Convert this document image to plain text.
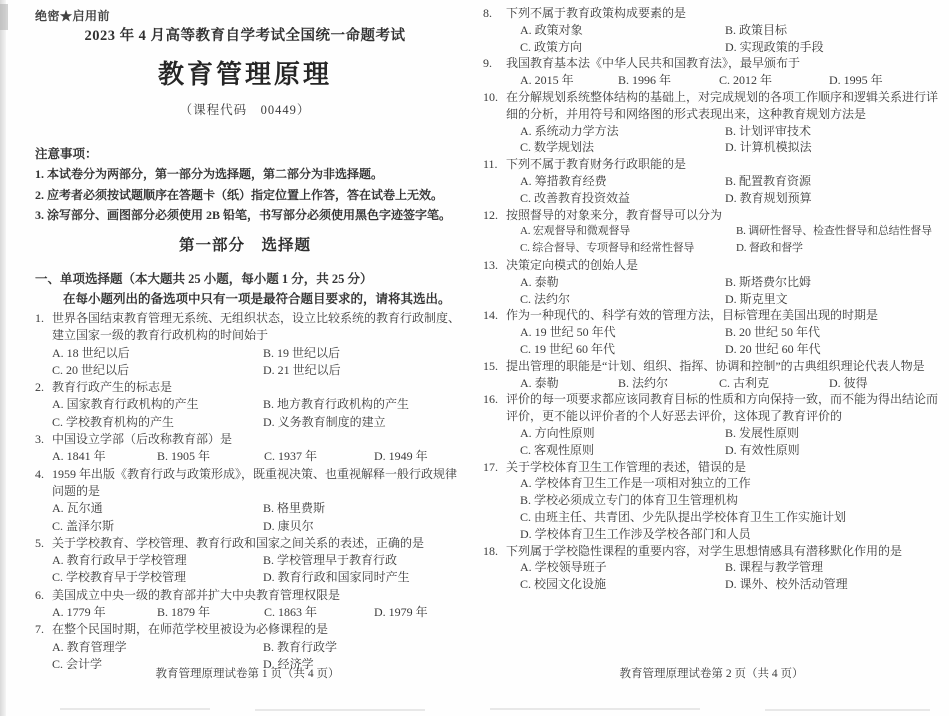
绝密★启用前
2023 年 4 月高等教育自学考试全国统一命题考试
教育管理原理
（课程代码　00449）
注意事项：
1. 本试卷分为两部分，第一部分为选择题，第二部分为非选择题。
2. 应考者必须按试题顺序在答题卡（纸）指定位置上作答，答在试卷上无效。
3. 涂写部分、画图部分必须使用 2B 铅笔，书写部分必须使用黑色字迹签字笔。
第一部分　选择题
一、单项选择题（本大题共 25 小题，每小题 1 分，共 25 分）
在每小题列出的备选项中只有一项是最符合题目要求的，请将其选出。
1. 世界各国结束教育管理无系统、无组织状态，设立比较系统的教育行政制度、建立国家一级的教育行政机构的时间始于
A. 18 世纪以后	B. 19 世纪以后
C. 20 世纪以后	D. 21 世纪以后
2. 教育行政产生的标志是
A. 国家教育行政机构的产生	B. 地方教育行政机构的产生
C. 学校教育机构的产生	D. 义务教育制度的建立
3. 中国设立学部（后改称教育部）是
A. 1841 年	B. 1905 年	C. 1937 年	D. 1949 年
4. 1959 年出版《教育行政与政策形成》，既重视决策、也重视解释一般行政规律问题的是
A. 瓦尔通	B. 格里费斯
C. 盖泽尔斯	D. 康贝尔
5. 关于学校教育、学校管理、教育行政和国家之间关系的表述，正确的是
A. 教育行政早于学校管理	B. 学校管理早于教育行政
C. 学校教育早于学校管理	D. 教育行政和国家同时产生
6. 美国成立中央一级的教育部并扩大中央教育管理权限是
A. 1779 年	B. 1879 年	C. 1863 年	D. 1979 年
7. 在整个民国时期，在师范学校里被设为必修课程的是
A. 教育管理学	B. 教育行政学
C. 会计学	D. 经济学
教育管理原理试卷第 1 页（共 4 页）
8.	下列不属于教育政策构成要素的是
A. 政策对象	B. 政策目标
C. 政策方向	D. 实现政策的手段
9.	我国教育基本法《中华人民共和国教育法》，最早颁布于
A. 2015 年	B. 1996 年	C. 2012 年	D. 1995 年
10. 在分解规划系统整体结构的基础上，对完成规划的各项工作顺序和逻辑关系进行详细的分析，并用符号和网络图的形式表现出来，这种教育规划方法是
A. 系统动力学方法	B. 计划评审技术
C. 数学规划法	D. 计算机模拟法
11. 下列不属于教育财务行政职能的是
A. 筹措教育经费	B. 配置教育资源
C. 改善教育投资效益	D. 教育规划预算
12. 按照督导的对象来分，教育督导可以分为
A. 宏观督导和微观督导	B. 调研性督导、检查性督导和总结性督导
C. 综合督导、专项督导和经常性督导	D. 督政和督学
13. 决策定向模式的创始人是
A. 泰勒	B. 斯塔费尔比姆
C. 法约尔	D. 斯克里文
14. 作为一种现代的、科学有效的管理方法，目标管理在美国出现的时期是
A. 19 世纪 50 年代	B. 20 世纪 50 年代
C. 19 世纪 60 年代	D. 20 世纪 60 年代
15. 提出管理的职能是“计划、组织、指挥、协调和控制”的古典组织理论代表人物是
A. 泰勒	B. 法约尔	C. 古利克	D. 彼得
16. 评价的每一项要求都应该同教育目标的性质和方向保持一致，而不能为得出结论而评价，更不能以评价者的个人好恶去评价，这体现了教育评价的
A. 方向性原则	B. 发展性原则
C. 客观性原则	D. 有效性原则
17. 关于学校体育卫生工作管理的表述，错误的是
A. 学校体育卫生工作是一项相对独立的工作
B. 学校必须成立专门的体育卫生管理机构
C. 由班主任、共青团、少先队提出学校体育卫生工作实施计划
D. 学校体育卫生工作涉及学校各部门和人员
18. 下列属于学校隐性课程的重要内容，对学生思想情感具有潜移默化作用的是
A. 学校领导班子	B. 课程与教学管理
C. 校园文化设施	D. 课外、校外活动管理
教育管理原理试卷第 2 页（共 4 页）
